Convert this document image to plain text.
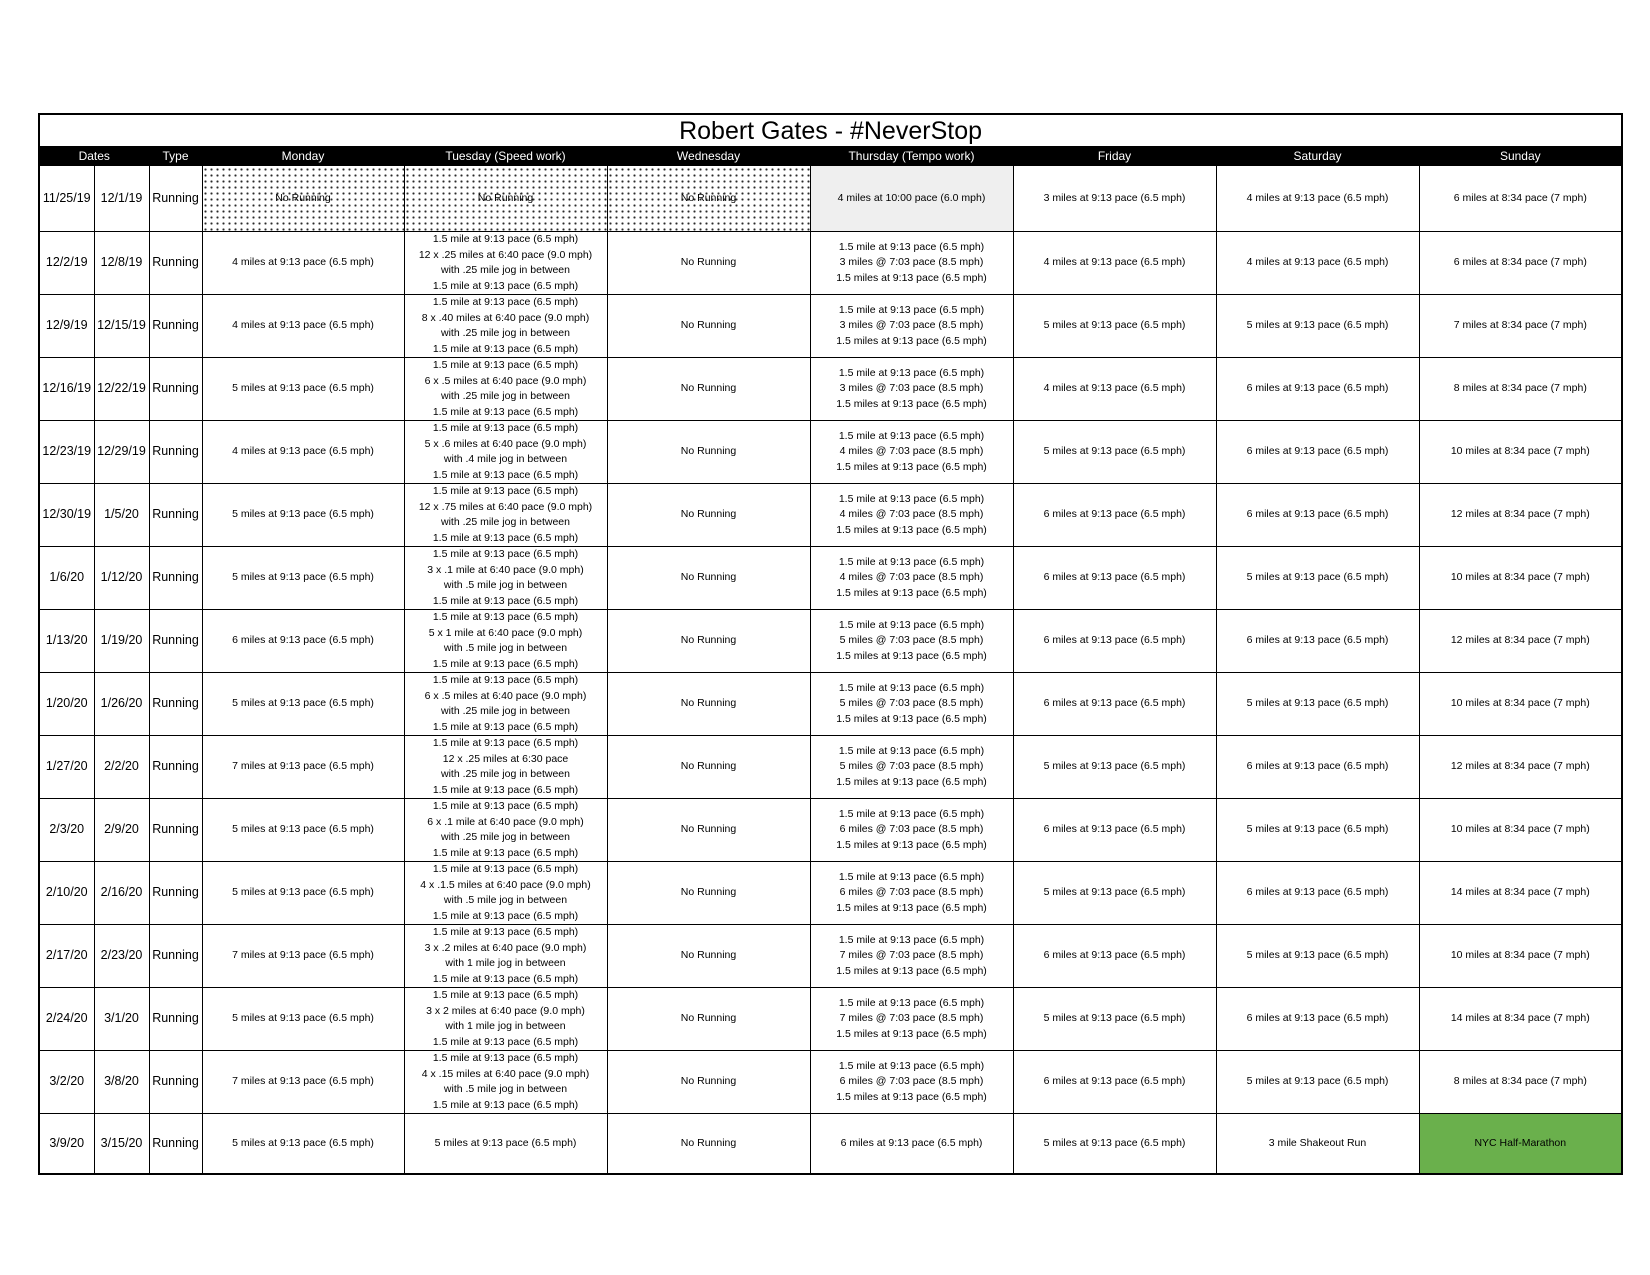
Robert Gates - #NeverStop									
Dates		Type	Monday	Tuesday (Speed work)	Wednesday	Thursday (Tempo work)	Friday	Saturday	Sunday
11/25/19	12/1/19	Running	No Running	No Running	No Running	4 miles at 10:00 pace (6.0 mph)	3 miles at 9:13 pace (6.5 mph)	4 miles at 9:13 pace (6.5 mph)	6 miles at 8:34 pace (7 mph)
12/2/19	12/8/19	Running	4 miles at 9:13 pace (6.5 mph)	1.5 mile at 9:13 pace (6.5 mph)
12 x .25 miles at 6:40 pace (9.0 mph)
with .25 mile jog in between
1.5 mile at 9:13 pace (6.5 mph)	No Running	1.5 mile at 9:13 pace (6.5 mph)
3 miles @ 7:03 pace (8.5 mph)
1.5 miles at 9:13 pace (6.5 mph)	4 miles at 9:13 pace (6.5 mph)	4 miles at 9:13 pace (6.5 mph)	6 miles at 8:34 pace (7 mph)
12/9/19	12/15/19	Running	4 miles at 9:13 pace (6.5 mph)	1.5 mile at 9:13 pace (6.5 mph)
8 x .40 miles at 6:40 pace (9.0 mph)
with .25 mile jog in between
1.5 mile at 9:13 pace (6.5 mph)	No Running	1.5 mile at 9:13 pace (6.5 mph)
3 miles @ 7:03 pace (8.5 mph)
1.5 miles at 9:13 pace (6.5 mph)	5 miles at 9:13 pace (6.5 mph)	5 miles at 9:13 pace (6.5 mph)	7 miles at 8:34 pace (7 mph)
12/16/19	12/22/19	Running	5 miles at 9:13 pace (6.5 mph)	1.5 mile at 9:13 pace (6.5 mph)
6 x .5 miles at 6:40 pace (9.0 mph)
with .25 mile jog in between
1.5 mile at 9:13 pace (6.5 mph)	No Running	1.5 mile at 9:13 pace (6.5 mph)
3 miles @ 7:03 pace (8.5 mph)
1.5 miles at 9:13 pace (6.5 mph)	4 miles at 9:13 pace (6.5 mph)	6 miles at 9:13 pace (6.5 mph)	8 miles at 8:34 pace (7 mph)
12/23/19	12/29/19	Running	4 miles at 9:13 pace (6.5 mph)	1.5 mile at 9:13 pace (6.5 mph)
5 x .6 miles at 6:40 pace (9.0 mph)
with .4 mile jog in between
1.5 mile at 9:13 pace (6.5 mph)	No Running	1.5 mile at 9:13 pace (6.5 mph)
4 miles @ 7:03 pace (8.5 mph)
1.5 miles at 9:13 pace (6.5 mph)	5 miles at 9:13 pace (6.5 mph)	6 miles at 9:13 pace (6.5 mph)	10 miles at 8:34 pace (7 mph)
12/30/19	1/5/20	Running	5 miles at 9:13 pace (6.5 mph)	1.5 mile at 9:13 pace (6.5 mph)
12 x .75 miles at 6:40 pace (9.0 mph)
with .25 mile jog in between
1.5 mile at 9:13 pace (6.5 mph)	No Running	1.5 mile at 9:13 pace (6.5 mph)
4 miles @ 7:03 pace (8.5 mph)
1.5 miles at 9:13 pace (6.5 mph)	6 miles at 9:13 pace (6.5 mph)	6 miles at 9:13 pace (6.5 mph)	12 miles at 8:34 pace (7 mph)
1/6/20	1/12/20	Running	5 miles at 9:13 pace (6.5 mph)	1.5 mile at 9:13 pace (6.5 mph)
3 x .1 mile at 6:40 pace (9.0 mph)
with .5 mile jog in between
1.5 mile at 9:13 pace (6.5 mph)	No Running	1.5 mile at 9:13 pace (6.5 mph)
4 miles @ 7:03 pace (8.5 mph)
1.5 miles at 9:13 pace (6.5 mph)	6 miles at 9:13 pace (6.5 mph)	5 miles at 9:13 pace (6.5 mph)	10 miles at 8:34 pace (7 mph)
1/13/20	1/19/20	Running	6 miles at 9:13 pace (6.5 mph)	1.5 mile at 9:13 pace (6.5 mph)
5 x 1 mile at 6:40 pace (9.0 mph)
with .5 mile jog in between
1.5 mile at 9:13 pace (6.5 mph)	No Running	1.5 mile at 9:13 pace (6.5 mph)
5 miles @ 7:03 pace (8.5 mph)
1.5 miles at 9:13 pace (6.5 mph)	6 miles at 9:13 pace (6.5 mph)	6 miles at 9:13 pace (6.5 mph)	12 miles at 8:34 pace (7 mph)
1/20/20	1/26/20	Running	5 miles at 9:13 pace (6.5 mph)	1.5 mile at 9:13 pace (6.5 mph)
6 x .5 miles at 6:40 pace (9.0 mph)
with .25 mile jog in between
1.5 mile at 9:13 pace (6.5 mph)	No Running	1.5 mile at 9:13 pace (6.5 mph)
5 miles @ 7:03 pace (8.5 mph)
1.5 miles at 9:13 pace (6.5 mph)	6 miles at 9:13 pace (6.5 mph)	5 miles at 9:13 pace (6.5 mph)	10 miles at 8:34 pace (7 mph)
1/27/20	2/2/20	Running	7 miles at 9:13 pace (6.5 mph)	1.5 mile at 9:13 pace (6.5 mph)
12 x .25 miles at 6:30 pace
with .25 mile jog in between
1.5 mile at 9:13 pace (6.5 mph)	No Running	1.5 mile at 9:13 pace (6.5 mph)
5 miles @ 7:03 pace (8.5 mph)
1.5 miles at 9:13 pace (6.5 mph)	5 miles at 9:13 pace (6.5 mph)	6 miles at 9:13 pace (6.5 mph)	12 miles at 8:34 pace (7 mph)
2/3/20	2/9/20	Running	5 miles at 9:13 pace (6.5 mph)	1.5 mile at 9:13 pace (6.5 mph)
6 x .1 mile at 6:40 pace (9.0 mph)
with .25 mile jog in between
1.5 mile at 9:13 pace (6.5 mph)	No Running	1.5 mile at 9:13 pace (6.5 mph)
6 miles @ 7:03 pace (8.5 mph)
1.5 miles at 9:13 pace (6.5 mph)	6 miles at 9:13 pace (6.5 mph)	5 miles at 9:13 pace (6.5 mph)	10 miles at 8:34 pace (7 mph)
2/10/20	2/16/20	Running	5 miles at 9:13 pace (6.5 mph)	1.5 mile at 9:13 pace (6.5 mph)
4 x .1.5 miles at 6:40 pace (9.0 mph)
with .5 mile jog in between
1.5 mile at 9:13 pace (6.5 mph)	No Running	1.5 mile at 9:13 pace (6.5 mph)
6 miles @ 7:03 pace (8.5 mph)
1.5 miles at 9:13 pace (6.5 mph)	5 miles at 9:13 pace (6.5 mph)	6 miles at 9:13 pace (6.5 mph)	14 miles at 8:34 pace (7 mph)
2/17/20	2/23/20	Running	7 miles at 9:13 pace (6.5 mph)	1.5 mile at 9:13 pace (6.5 mph)
3 x .2 miles at 6:40 pace (9.0 mph)
with 1 mile jog in between
1.5 mile at 9:13 pace (6.5 mph)	No Running	1.5 mile at 9:13 pace (6.5 mph)
7 miles @ 7:03 pace (8.5 mph)
1.5 miles at 9:13 pace (6.5 mph)	6 miles at 9:13 pace (6.5 mph)	5 miles at 9:13 pace (6.5 mph)	10 miles at 8:34 pace (7 mph)
2/24/20	3/1/20	Running	5 miles at 9:13 pace (6.5 mph)	1.5 mile at 9:13 pace (6.5 mph)
3 x 2 miles at 6:40 pace (9.0 mph)
with 1 mile jog in between
1.5 mile at 9:13 pace (6.5 mph)	No Running	1.5 mile at 9:13 pace (6.5 mph)
7 miles @ 7:03 pace (8.5 mph)
1.5 miles at 9:13 pace (6.5 mph)	5 miles at 9:13 pace (6.5 mph)	6 miles at 9:13 pace (6.5 mph)	14 miles at 8:34 pace (7 mph)
3/2/20	3/8/20	Running	7 miles at 9:13 pace (6.5 mph)	1.5 mile at 9:13 pace (6.5 mph)
4 x .15 miles at 6:40 pace (9.0 mph)
with .5 mile jog in between
1.5 mile at 9:13 pace (6.5 mph)	No Running	1.5 mile at 9:13 pace (6.5 mph)
6 miles @ 7:03 pace (8.5 mph)
1.5 miles at 9:13 pace (6.5 mph)	6 miles at 9:13 pace (6.5 mph)	5 miles at 9:13 pace (6.5 mph)	8 miles at 8:34 pace (7 mph)
3/9/20	3/15/20	Running	5 miles at 9:13 pace (6.5 mph)	5 miles at 9:13 pace (6.5 mph)	No Running	6 miles at 9:13 pace (6.5 mph)	5 miles at 9:13 pace (6.5 mph)	3 mile Shakeout Run	NYC Half-Marathon
